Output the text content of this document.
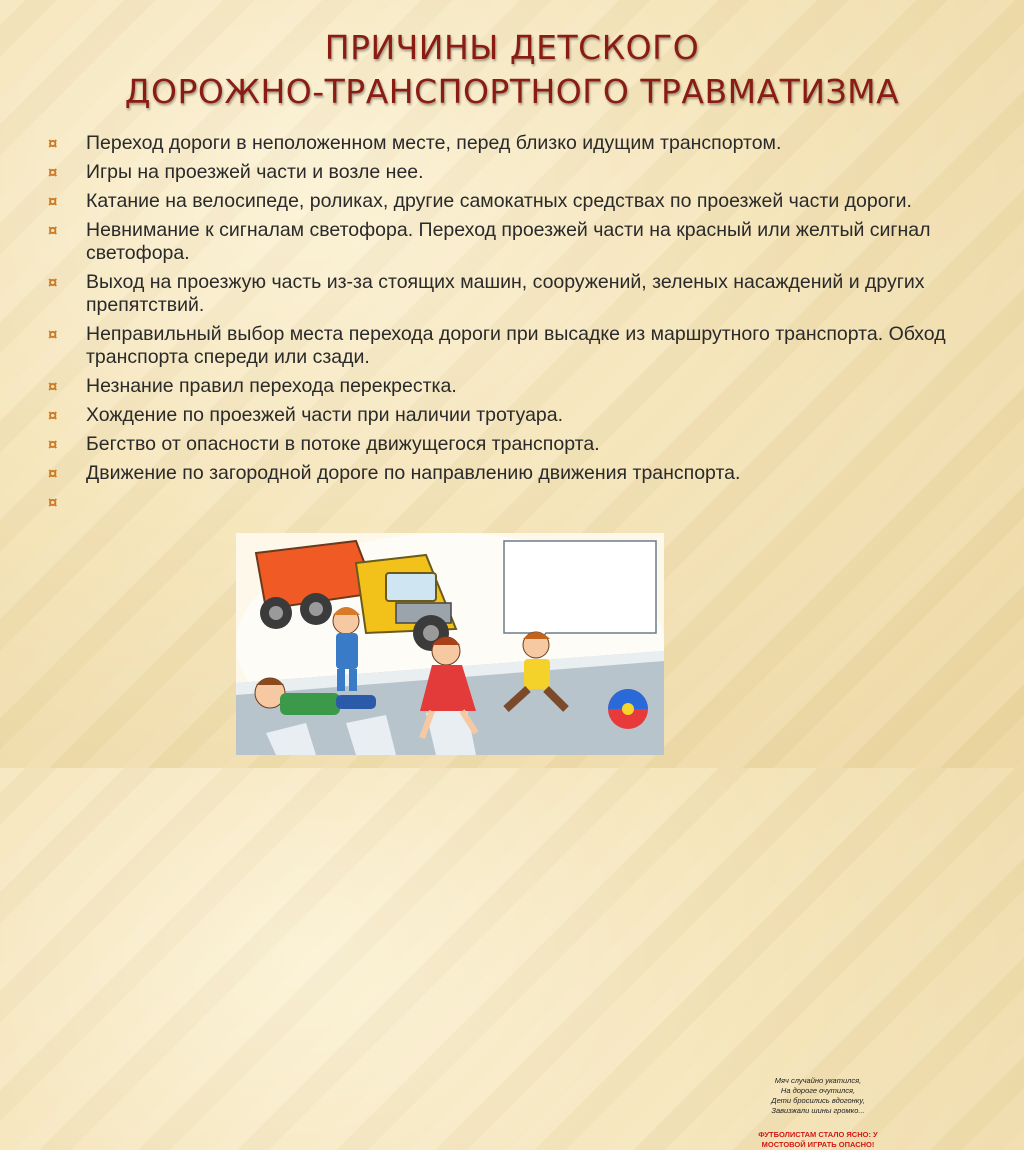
ПРИЧИНЫ ДЕТСКОГО
ДОРОЖНО-ТРАНСПОРТНОГО ТРАВМАТИЗМА
¤ Переход дороги в неположенном месте, перед близко идущим транспортом.
¤ Игры на проезжей части и возле нее.
¤ Катание на велосипеде, роликах, другие самокатных средствах по проезжей части дороги.
¤ Невнимание к сигналам светофора. Переход проезжей части на красный или желтый сигнал светофора.
¤ Выход на проезжую часть из-за стоящих машин, сооружений, зеленых насаждений и других препятствий.
¤ Неправильный выбор места перехода дороги при высадке из маршрутного транспорта. Обход транспорта спереди или сзади.
¤ Незнание правил перехода перекрестка.
¤ Хождение по проезжей части при наличии тротуара.
¤ Бегство от опасности в потоке движущегося транспорта.
¤ Движение по загородной дороге по направлению движения транспорта.
¤
Мяч случайно укатился,
На дороге очутился,
Дети бросились вдогонку,
Завизжали шины громко...
ФУТБОЛИСТАМ СТАЛО ЯСНО: У МОСТОВОЙ ИГРАТЬ ОПАСНО!
